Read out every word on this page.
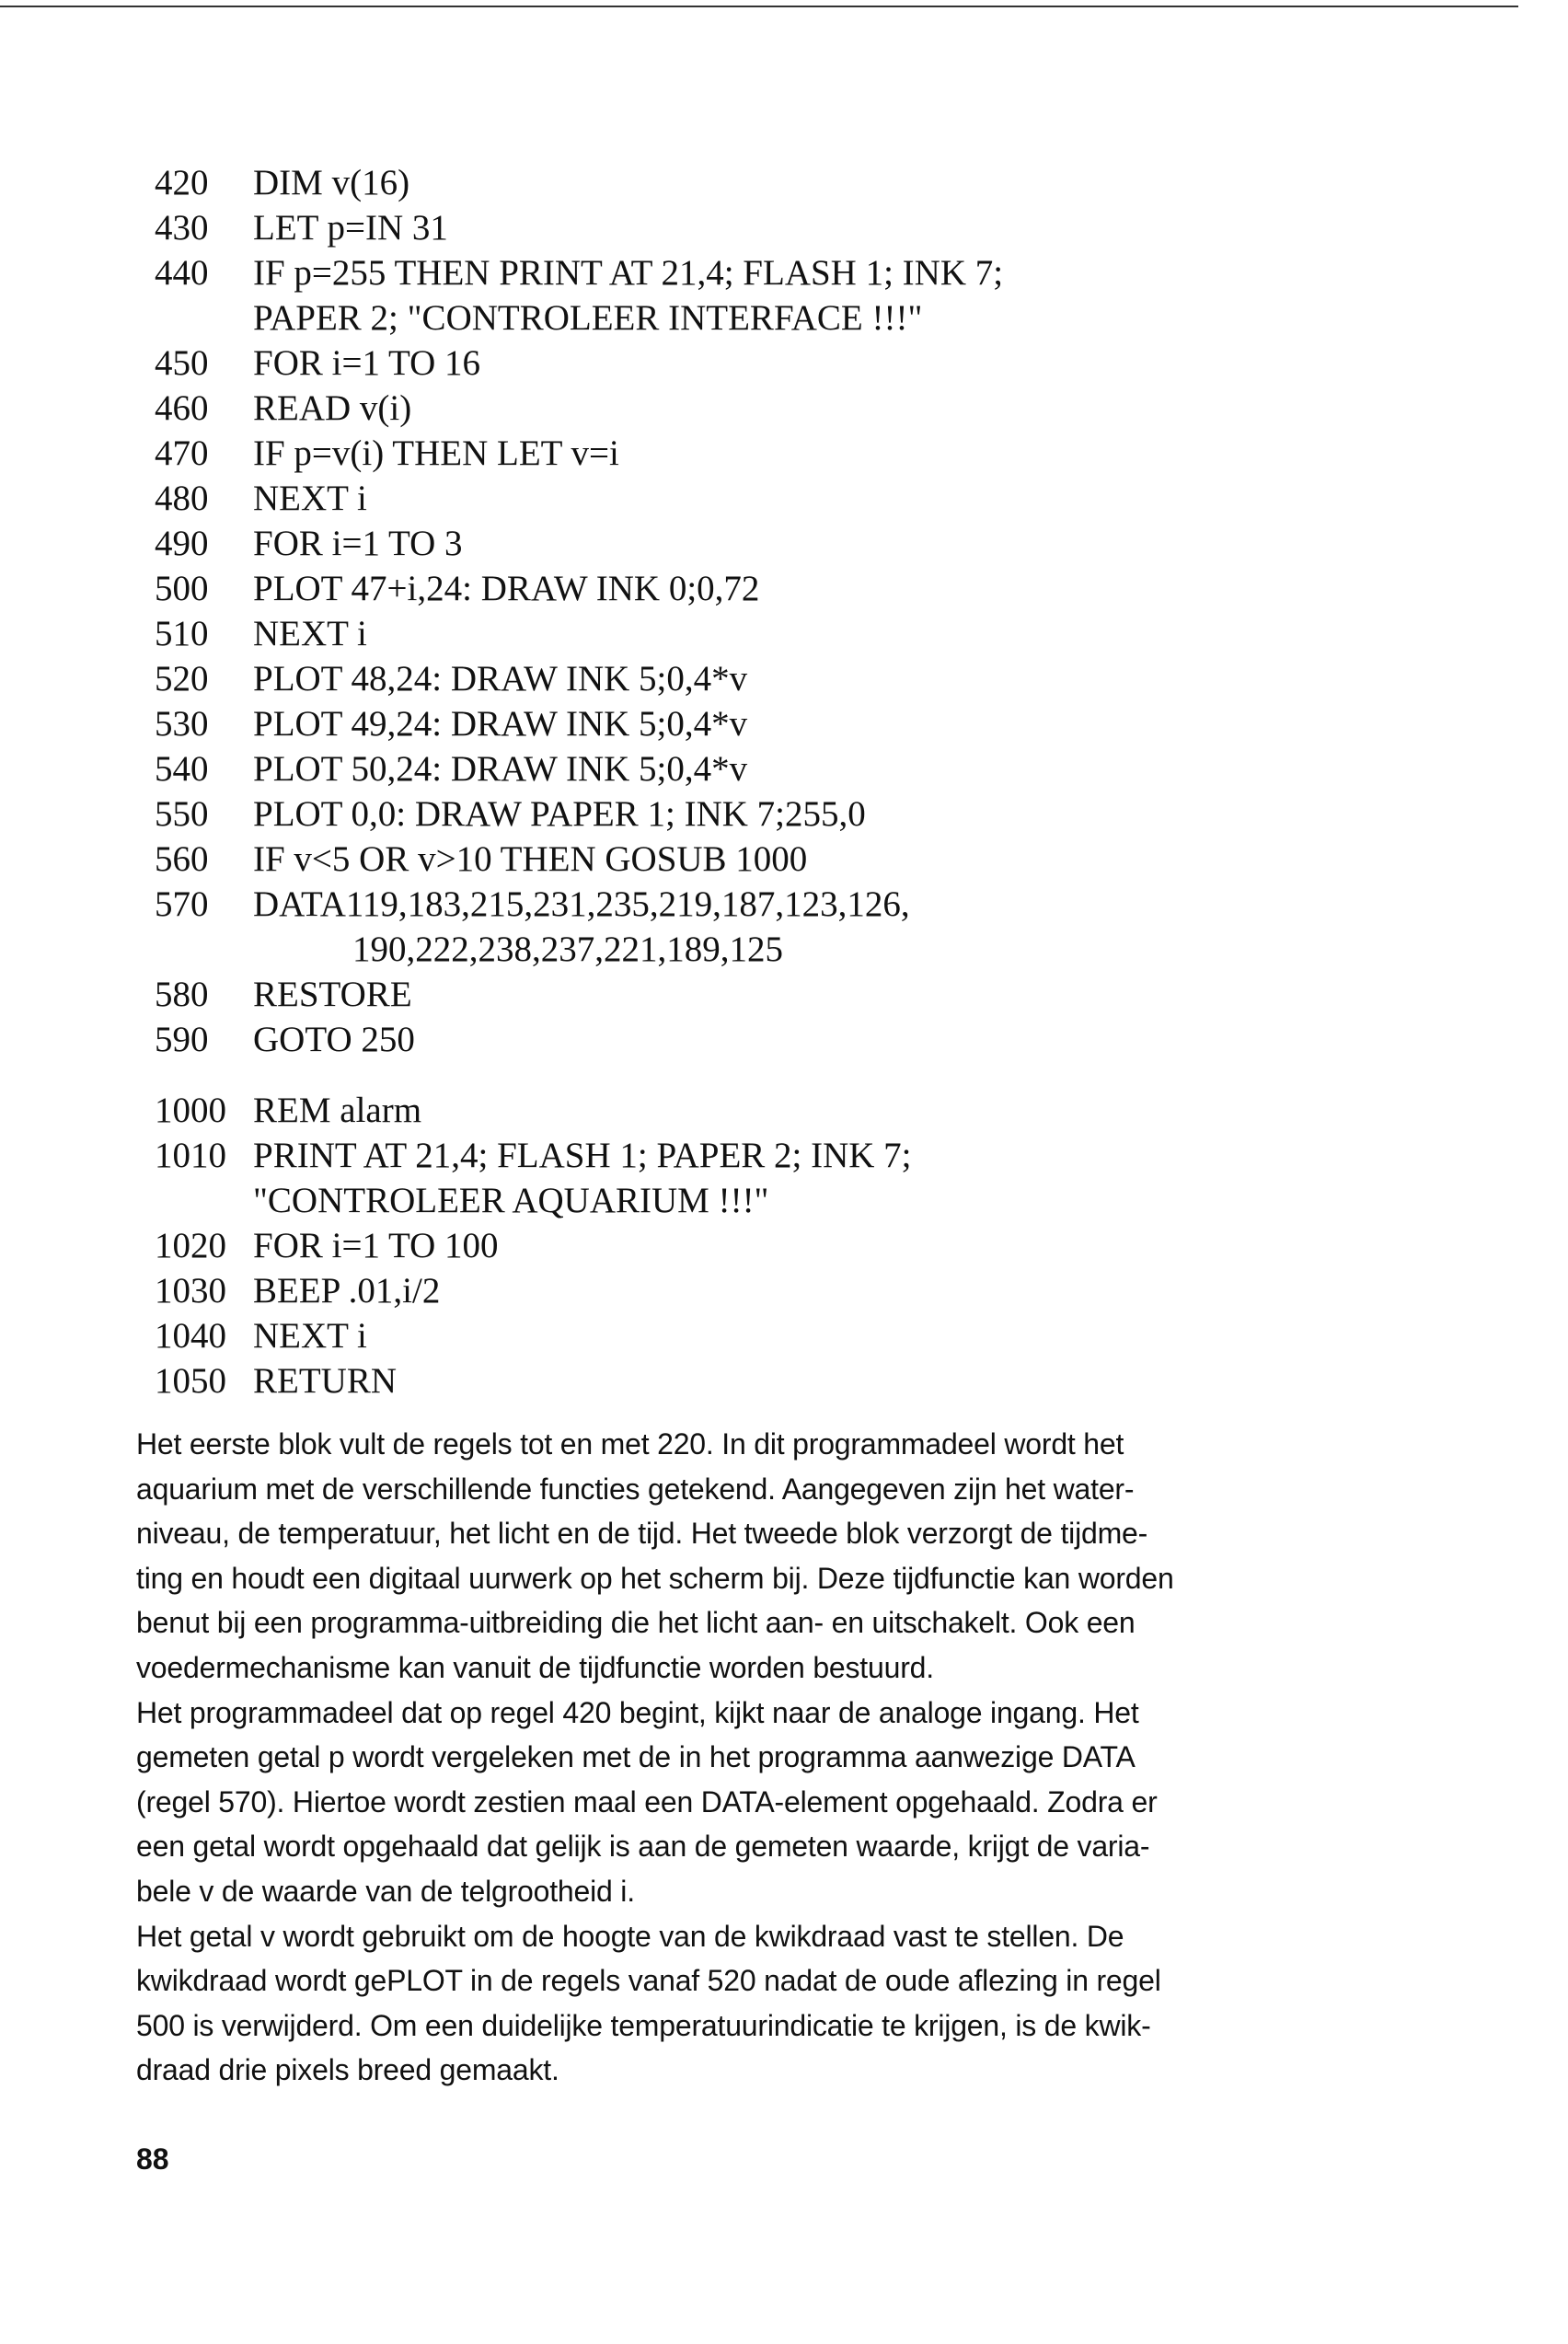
420	DIM v(16)
430	LET p=IN 31
440	IF p=255 THEN PRINT AT 21,4; FLASH 1; INK 7;
PAPER 2; "CONTROLEER INTERFACE !!!"
450	FOR i=1 TO 16
460	READ v(i)
470	IF p=v(i) THEN LET v=i
480	NEXT i
490	FOR i=1 TO 3
500	PLOT 47+i,24: DRAW INK 0;0,72
510	NEXT i
520	PLOT 48,24: DRAW INK 5;0,4*v
530	PLOT 49,24: DRAW INK 5;0,4*v
540	PLOT 50,24: DRAW INK 5;0,4*v
550	PLOT 0,0: DRAW PAPER 1; INK 7;255,0
560	IF v<5 OR v>10 THEN GOSUB 1000
570	DATA119,183,215,231,235,219,187,123,126,
190,222,238,237,221,189,125
580	RESTORE
590	GOTO 250
1000 REM alarm
1010 PRINT AT 21,4; FLASH 1; PAPER 2; INK 7;
"CONTROLEER AQUARIUM !!!"
1020 FOR i=1 TO 100
1030 BEEP .01,i/2
1040 NEXT i
1050 RETURN
Het eerste blok vult de regels tot en met 220. In dit programmadeel wordt het
aquarium met de verschillende functies getekend. Aangegeven zijn het water-
niveau, de temperatuur, het licht en de tijd. Het tweede blok verzorgt de tijdme-
ting en houdt een digitaal uurwerk op het scherm bij. Deze tijdfunctie kan worden
benut bij een programma-uitbreiding die het licht aan- en uitschakelt. Ook een
voedermechanisme kan vanuit de tijdfunctie worden bestuurd.
Het programmadeel dat op regel 420 begint, kijkt naar de analoge ingang. Het
gemeten getal p wordt vergeleken met de in het programma aanwezige DATA
(regel 570). Hiertoe wordt zestien maal een DATA-element opgehaald. Zodra er
een getal wordt opgehaald dat gelijk is aan de gemeten waarde, krijgt de varia-
bele v de waarde van de telgrootheid i.
Het getal v wordt gebruikt om de hoogte van de kwikdraad vast te stellen. De
kwikdraad wordt gePLOT in de regels vanaf 520 nadat de oude aflezing in regel
500 is verwijderd. Om een duidelijke temperatuurindicatie te krijgen, is de kwik-
draad drie pixels breed gemaakt.
88
